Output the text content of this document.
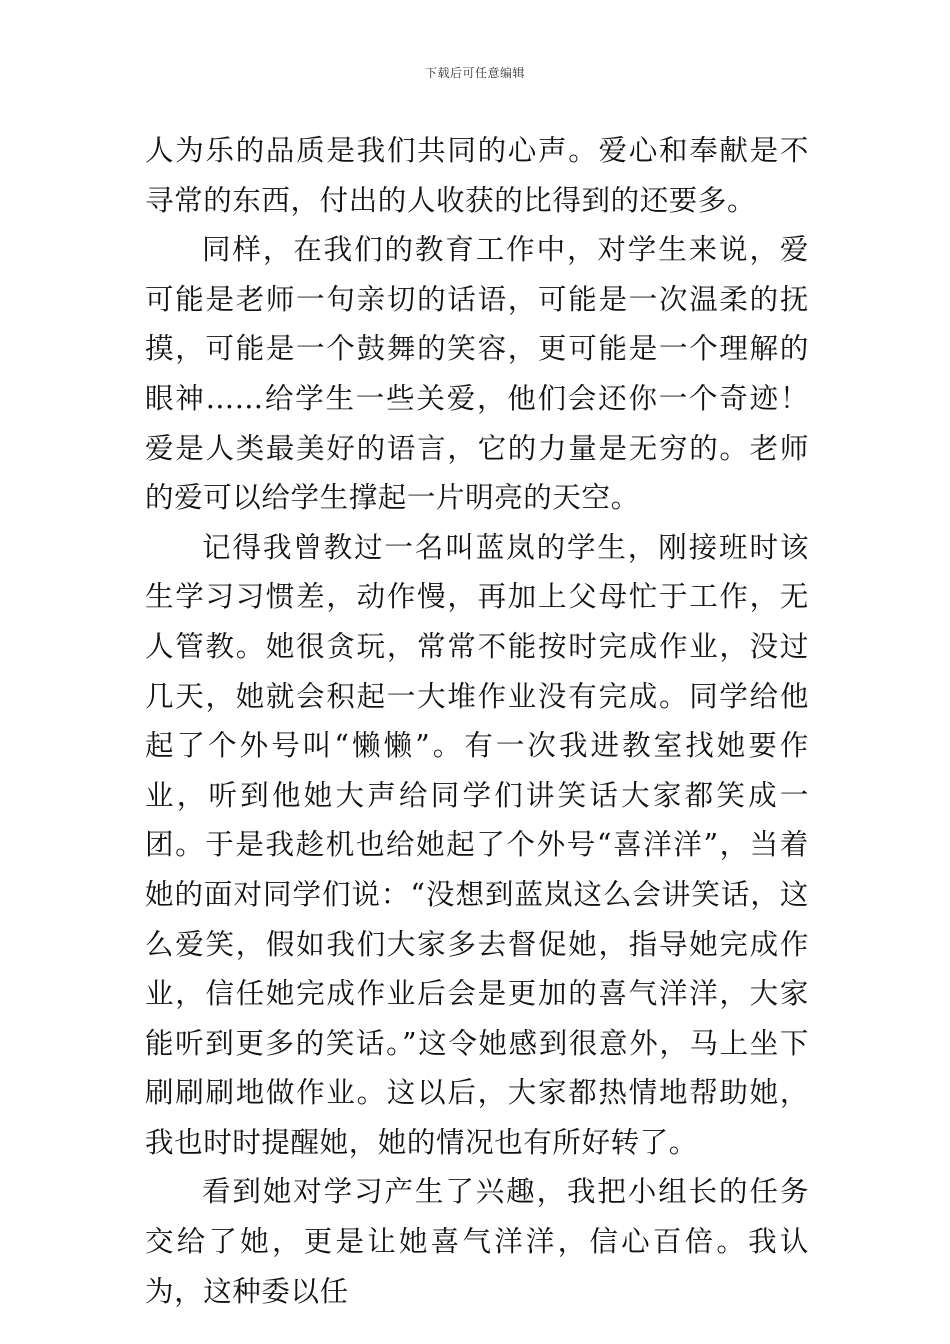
下载后可任意编辑

人为乐的品质是我们共同的心声。爱心和奉献是不寻常的东西，付出的人收获的比得到的还要多。

同样，在我们的教育工作中，对学生来说，爱可能是老师一句亲切的话语，可能是一次温柔的抚摸，可能是一个鼓舞的笑容，更可能是一个理解的眼神……给学生一些关爱，他们会还你一个奇迹！爱是人类最美好的语言，它的力量是无穷的。老师的爱可以给学生撑起一片明亮的天空。

记得我曾教过一名叫蓝岚的学生，刚接班时该生学习习惯差，动作慢，再加上父母忙于工作，无人管教。她很贪玩，常常不能按时完成作业，没过几天，她就会积起一大堆作业没有完成。同学给他起了个外号叫“懒懒”。有一次我进教室找她要作业，听到他她大声给同学们讲笑话大家都笑成一团。于是我趁机也给她起了个外号“喜洋洋”，当着她的面对同学们说：“没想到蓝岚这么会讲笑话，这么爱笑，假如我们大家多去督促她，指导她完成作业，信任她完成作业后会是更加的喜气洋洋，大家能听到更多的笑话。”这令她感到很意外，马上坐下刷刷刷地做作业。这以后，大家都热情地帮助她，我也时时提醒她，她的情况也有所好转了。

看到她对学习产生了兴趣，我把小组长的任务交给了她，更是让她喜气洋洋，信心百倍。我认为，这种委以任
